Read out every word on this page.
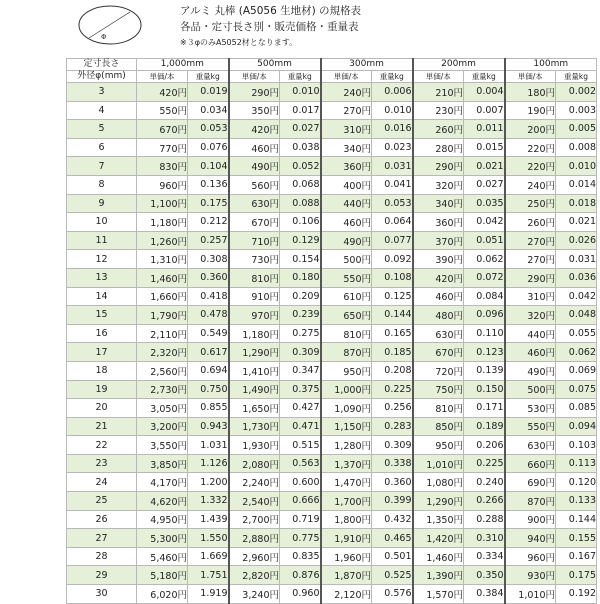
Φ
アルミ 丸棒 (A5056 生地材) の規格表
各品・定寸長さ別・販売価格・重量表
※３φのみA5052材となります。
定寸長さ	1,000mm		500mm		300mm		200mm		100mm	
外径φ(mm)	単価/本	重量kg	単価/本	重量kg	単価/本	重量kg	単価/本	重量kg	単価/本	重量kg
3	420円	0.019	290円	0.010	240円	0.006	210円	0.004	180円	0.002
4	550円	0.034	350円	0.017	270円	0.010	230円	0.007	190円	0.003
5	670円	0.053	420円	0.027	310円	0.016	260円	0.011	200円	0.005
6	770円	0.076	460円	0.038	340円	0.023	280円	0.015	220円	0.008
7	830円	0.104	490円	0.052	360円	0.031	290円	0.021	220円	0.010
8	960円	0.136	560円	0.068	400円	0.041	320円	0.027	240円	0.014
9	1,100円	0.175	630円	0.088	440円	0.053	340円	0.035	250円	0.018
10	1,180円	0.212	670円	0.106	460円	0.064	360円	0.042	260円	0.021
11	1,260円	0.257	710円	0.129	490円	0.077	370円	0.051	270円	0.026
12	1,310円	0.308	730円	0.154	500円	0.092	390円	0.062	270円	0.031
13	1,460円	0.360	810円	0.180	550円	0.108	420円	0.072	290円	0.036
14	1,660円	0.418	910円	0.209	610円	0.125	460円	0.084	310円	0.042
15	1,790円	0.478	970円	0.239	650円	0.144	480円	0.096	320円	0.048
16	2,110円	0.549	1,180円	0.275	810円	0.165	630円	0.110	440円	0.055
17	2,320円	0.617	1,290円	0.309	870円	0.185	670円	0.123	460円	0.062
18	2,560円	0.694	1,410円	0.347	950円	0.208	720円	0.139	490円	0.069
19	2,730円	0.750	1,490円	0.375	1,000円	0.225	750円	0.150	500円	0.075
20	3,050円	0.855	1,650円	0.427	1,090円	0.256	810円	0.171	530円	0.085
21	3,200円	0.943	1,730円	0.471	1,150円	0.283	850円	0.189	550円	0.094
22	3,550円	1.031	1,930円	0.515	1,280円	0.309	950円	0.206	630円	0.103
23	3,850円	1.126	2,080円	0.563	1,370円	0.338	1,010円	0.225	660円	0.113
24	4,170円	1.200	2,240円	0.600	1,470円	0.360	1,080円	0.240	690円	0.120
25	4,620円	1.332	2,540円	0.666	1,700円	0.399	1,290円	0.266	870円	0.133
26	4,950円	1.439	2,700円	0.719	1,800円	0.432	1,350円	0.288	900円	0.144
27	5,300円	1.550	2,880円	0.775	1,910円	0.465	1,420円	0.310	940円	0.155
28	5,460円	1.669	2,960円	0.835	1,960円	0.501	1,460円	0.334	960円	0.167
29	5,180円	1.751	2,820円	0.876	1,870円	0.525	1,390円	0.350	930円	0.175
30	6,020円	1.919	3,240円	0.960	2,120円	0.576	1,570円	0.384	1,010円	0.192
